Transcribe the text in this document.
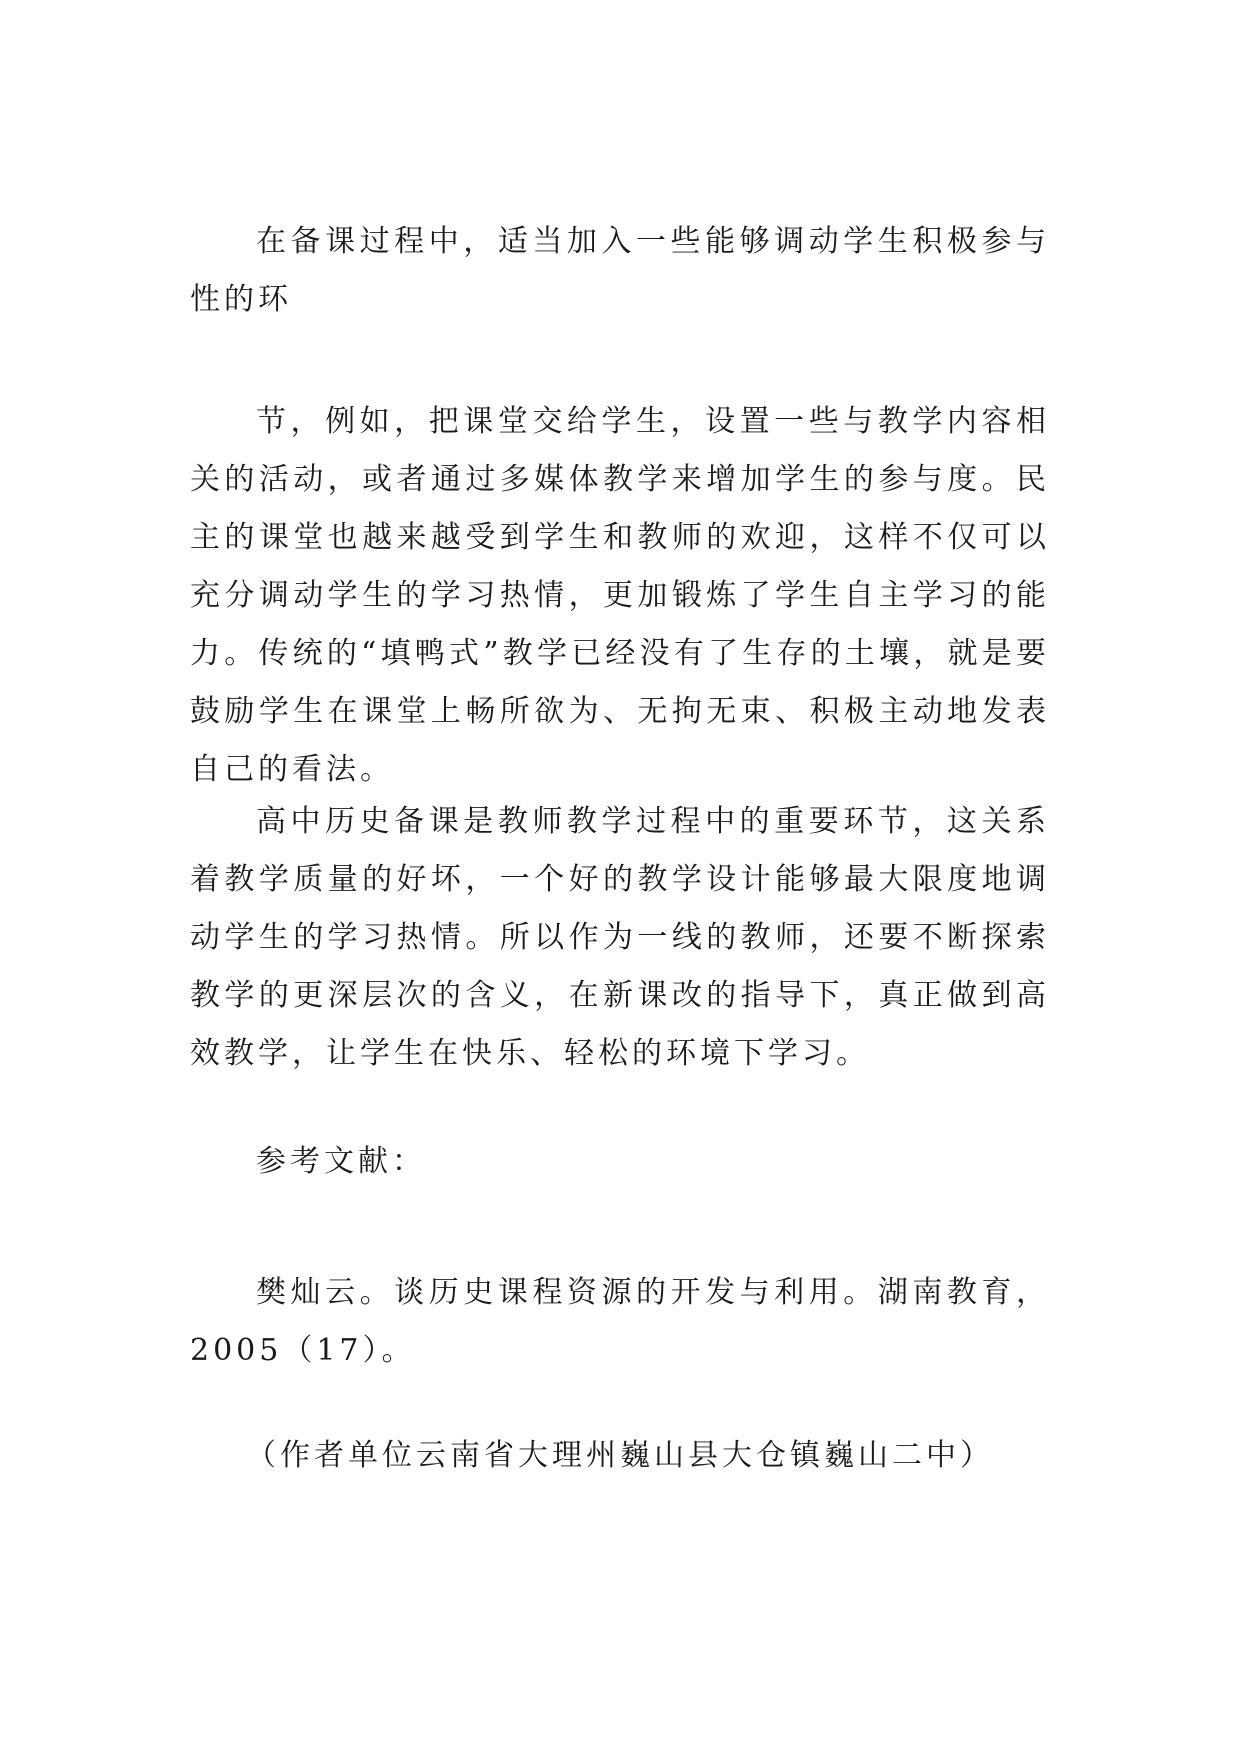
在备课过程中，适当加入一些能够调动学生积极参与性的环

节，例如，把课堂交给学生，设置一些与教学内容相关的活动，或者通过多媒体教学来增加学生的参与度。民主的课堂也越来越受到学生和教师的欢迎，这样不仅可以充分调动学生的学习热情，更加锻炼了学生自主学习的能力。传统的“填鸭式”教学已经没有了生存的土壤，就是要鼓励学生在课堂上畅所欲为、无拘无束、积极主动地发表自己的看法。

高中历史备课是教师教学过程中的重要环节，这关系着教学质量的好坏，一个好的教学设计能够最大限度地调动学生的学习热情。所以作为一线的教师，还要不断探索教学的更深层次的含义，在新课改的指导下，真正做到高效教学，让学生在快乐、轻松的环境下学习。

参考文献：

樊灿云。谈历史课程资源的开发与利用。湖南教育，2005（17）。

（作者单位云南省大理州巍山县大仓镇巍山二中）
